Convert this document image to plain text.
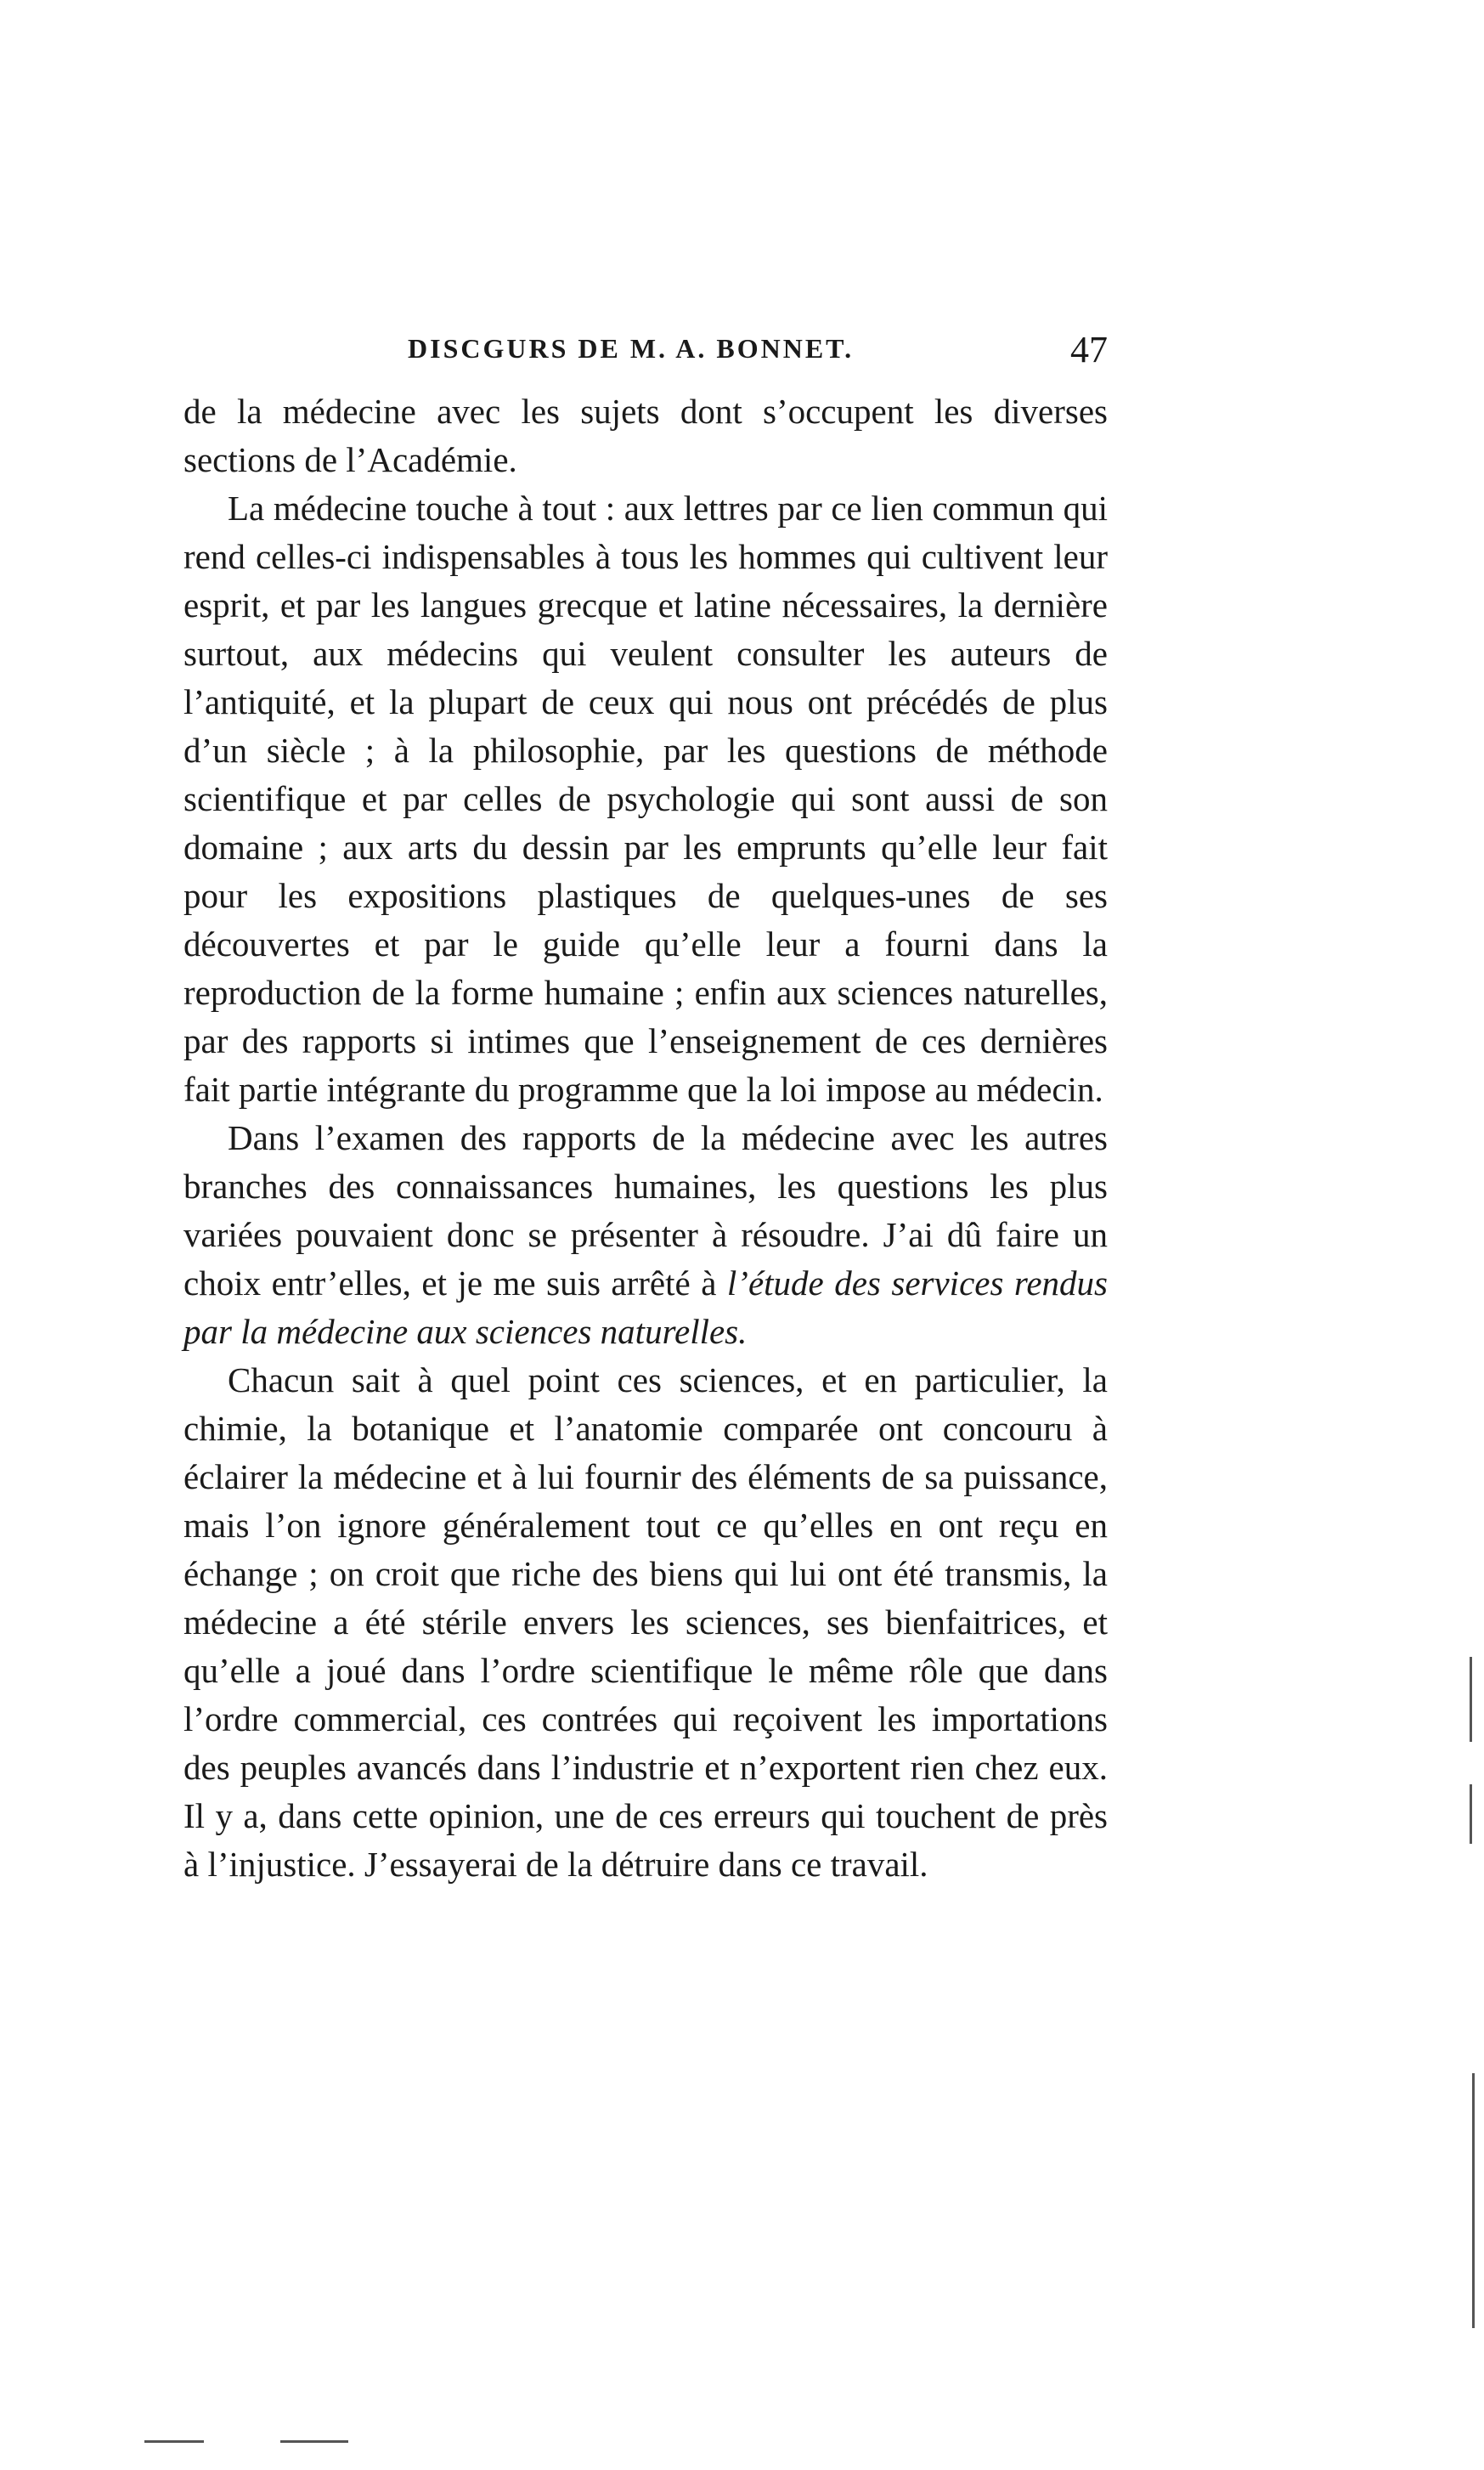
DISCGURS DE M. A. BONNET.	47

de la médecine avec les sujets dont s’occupent les diverses sections de l’Académie.

La médecine touche à tout : aux lettres par ce lien commun qui rend celles-ci indispensables à tous les hommes qui cultivent leur esprit, et par les langues grecque et latine nécessaires, la dernière surtout, aux médecins qui veulent consulter les auteurs de l’antiquité, et la plupart de ceux qui nous ont précédés de plus d’un siècle ; à la philosophie, par les questions de méthode scientifique et par celles de psychologie qui sont aussi de son domaine ; aux arts du dessin par les emprunts qu’elle leur fait pour les expositions plastiques de quelques-unes de ses découvertes et par le guide qu’elle leur a fourni dans la reproduction de la forme humaine ; enfin aux sciences naturelles, par des rapports si intimes que l’enseignement de ces dernières fait partie intégrante du programme que la loi impose au médecin.

Dans l’examen des rapports de la médecine avec les autres branches des connaissances humaines, les questions les plus variées pouvaient donc se présenter à résoudre. J’ai dû faire un choix entr’elles, et je me suis arrêté à l’étude des services rendus par la médecine aux sciences naturelles.

Chacun sait à quel point ces sciences, et en particulier, la chimie, la botanique et l’anatomie comparée ont concouru à éclairer la médecine et à lui fournir des éléments de sa puissance, mais l’on ignore généralement tout ce qu’elles en ont reçu en échange ; on croit que riche des biens qui lui ont été transmis, la médecine a été stérile envers les sciences, ses bienfaitrices, et qu’elle a joué dans l’ordre scientifique le même rôle que dans l’ordre commercial, ces contrées qui reçoivent les importations des peuples avancés dans l’industrie et n’exportent rien chez eux. Il y a, dans cette opinion, une de ces erreurs qui touchent de près à l’injustice. J’essayerai de la détruire dans ce travail.
